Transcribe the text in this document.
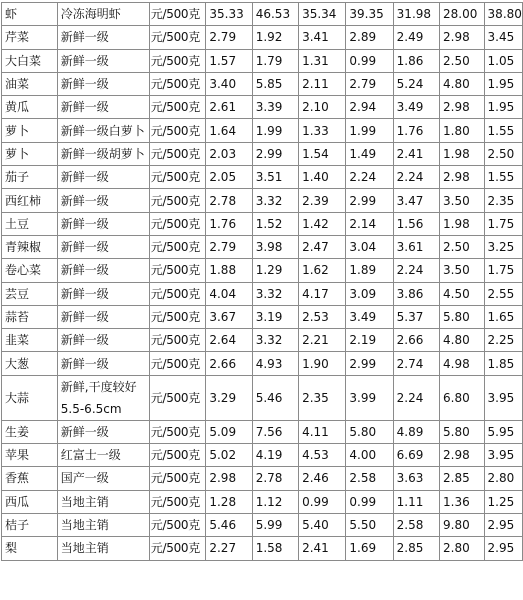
虾	冷冻海明虾	元/500克	35.33	46.53	35.34	39.35	31.98	28.00	38.80
芹菜	新鲜一级	元/500克	2.79	1.92	3.41	2.89	2.49	2.98	3.45
大白菜	新鲜一级	元/500克	1.57	1.79	1.31	0.99	1.86	2.50	1.05
油菜	新鲜一级	元/500克	3.40	5.85	2.11	2.79	5.24	4.80	1.95
黄瓜	新鲜一级	元/500克	2.61	3.39	2.10	2.94	3.49	2.98	1.95
萝卜	新鲜一级白萝卜	元/500克	1.64	1.99	1.33	1.99	1.76	1.80	1.55
萝卜	新鲜一级胡萝卜	元/500克	2.03	2.99	1.54	1.49	2.41	1.98	2.50
茄子	新鲜一级	元/500克	2.05	3.51	1.40	2.24	2.24	2.98	1.55
西红柿	新鲜一级	元/500克	2.78	3.32	2.39	2.99	3.47	3.50	2.35
土豆	新鲜一级	元/500克	1.76	1.52	1.42	2.14	1.56	1.98	1.75
青辣椒	新鲜一级	元/500克	2.79	3.98	2.47	3.04	3.61	2.50	3.25
卷心菜	新鲜一级	元/500克	1.88	1.29	1.62	1.89	2.24	3.50	1.75
芸豆	新鲜一级	元/500克	4.04	3.32	4.17	3.09	3.86	4.50	2.55
蒜苔	新鲜一级	元/500克	3.67	3.19	2.53	3.49	5.37	5.80	1.65
韭菜	新鲜一级	元/500克	2.64	3.32	2.21	2.19	2.66	4.80	2.25
大葱	新鲜一级	元/500克	2.66	4.93	1.90	2.99	2.74	4.98	1.85
大蒜	新鲜,干度较好5.5-6.5cm	元/500克	3.29	5.46	2.35	3.99	2.24	6.80	3.95
生姜	新鲜一级	元/500克	5.09	7.56	4.11	5.80	4.89	5.80	5.95
苹果	红富士一级	元/500克	5.02	4.19	4.53	4.00	6.69	2.98	3.95
香蕉	国产一级	元/500克	2.98	2.78	2.46	2.58	3.63	2.85	2.80
西瓜	当地主销	元/500克	1.28	1.12	0.99	0.99	1.11	1.36	1.25
桔子	当地主销	元/500克	5.46	5.99	5.40	5.50	2.58	9.80	2.95
梨	当地主销	元/500克	2.27	1.58	2.41	1.69	2.85	2.80	2.95
